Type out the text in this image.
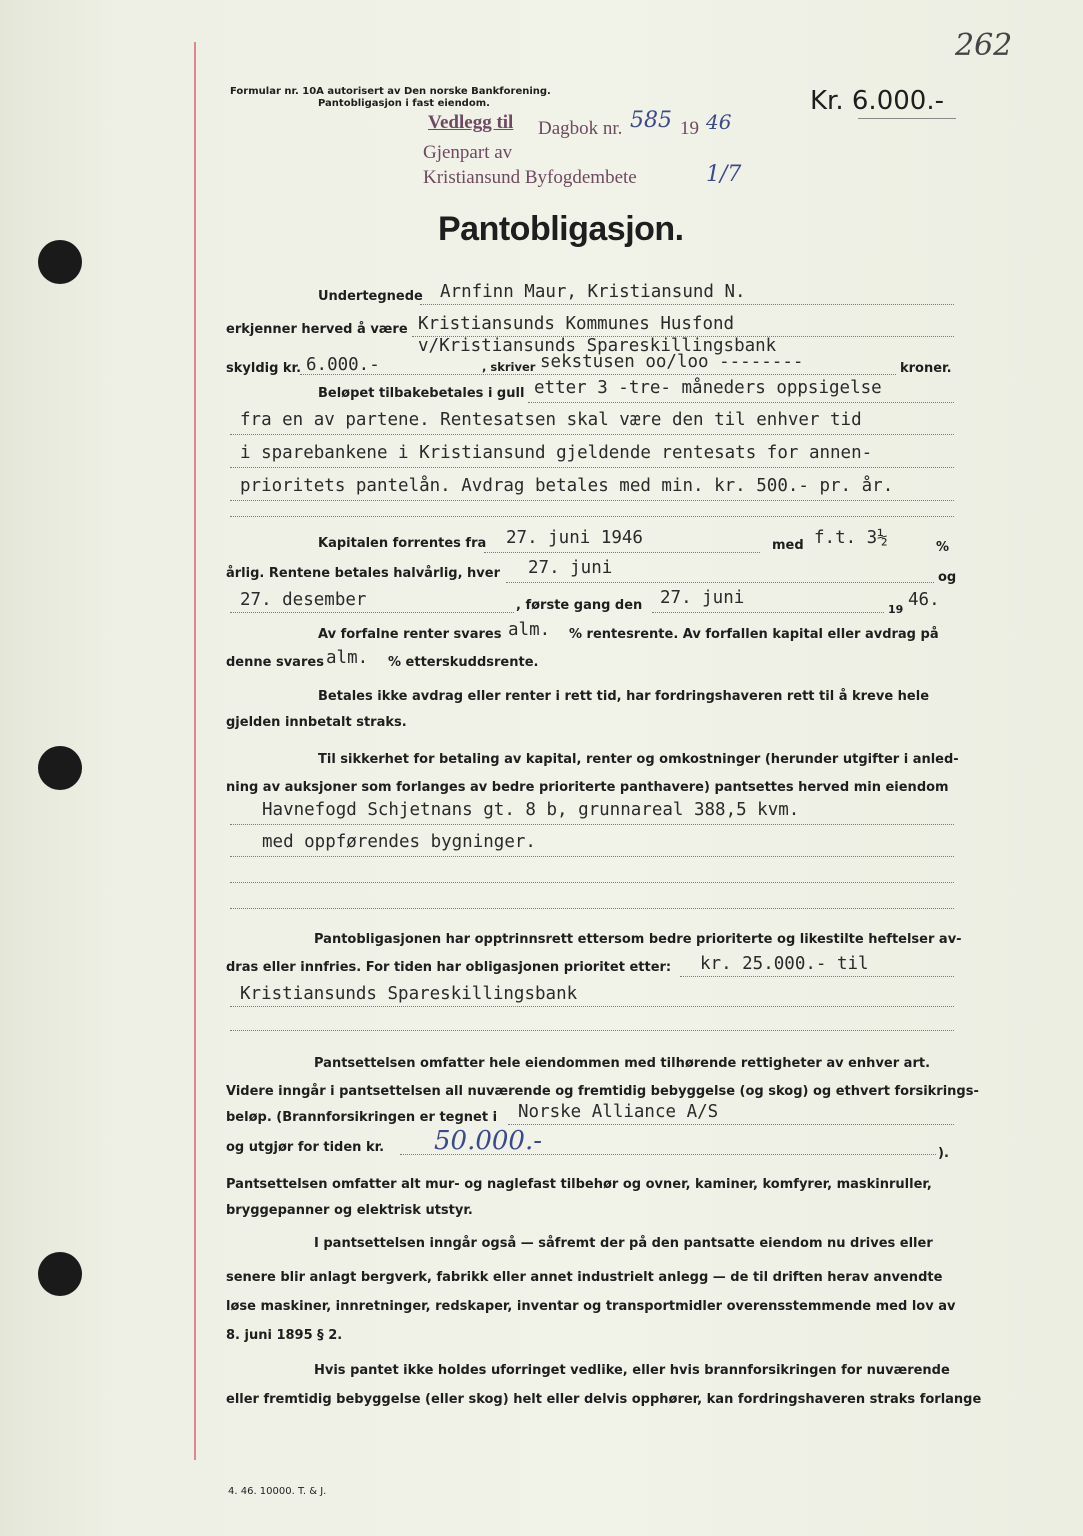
262
Formular nr. 10A autorisert av Den norske Bankforening.
Pantobligasjon i fast eiendom.	Kr. 6.000.-
Vedlegg til Dagbok nr. 585 19 46
Gjenpart av
Kristiansund Byfogdembete	1/7
Pantobligasjon.
Undertegnede Arnfinn Maur, Kristiansund N.
erkjenner herved å være Kristiansunds Kommunes Husfond
v/Kristiansunds Spareskillingsbank
skyldig kr. 6.000.-	, skriver sekstusen oo/loo --------	kroner.
Beløpet tilbakebetales i gull etter 3 -tre- måneders oppsigelse
fra en av partene. Rentesatsen skal være den til enhver tid
i sparebankene i Kristiansund gjeldende rentesats for annen-
prioritets pantelån. Avdrag betales med min. kr. 500.- pr. år.
Kapitalen forrentes fra 27. juni 1946	med f.t. 3½	%
årlig. Rentene betales halvårlig, hver 27. juni	og
27. desember	, første gang den 27. juni
19 46.
Av forfalne renter svares alm. % rentesrente. Av forfallen kapital eller avdrag på
denne svares alm. % etterskuddsrente.
Betales ikke avdrag eller renter i rett tid, har fordringshaveren rett til å kreve hele
gjelden innbetalt straks.
Til sikkerhet for betaling av kapital, renter og omkostninger (herunder utgifter i anled-
ning av auksjoner som forlanges av bedre prioriterte panthavere) pantsettes herved min eiendom
Havnefogd Schjetnans gt. 8 b, grunnareal 388,5 kvm.
med oppførendes bygninger.
Pantobligasjonen har opptrinnsrett ettersom bedre prioriterte og likestilte heftelser av-
dras eller innfries. For tiden har obligasjonen prioritet etter: kr. 25.000.- til
Kristiansunds Spareskillingsbank
Pantsettelsen omfatter hele eiendommen med tilhørende rettigheter av enhver art.
Videre inngår i pantsettelsen all nuværende og fremtidig bebyggelse (og skog) og ethvert forsikrings-
beløp. (Brannforsikringen er tegnet i Norske Alliance A/S
og utgjør for tiden kr. 50.000.-	).
Pantsettelsen omfatter alt mur- og naglefast tilbehør og ovner, kaminer, komfyrer, maskinruller,
bryggepanner og elektrisk utstyr.
I pantsettelsen inngår også — såfremt der på den pantsatte eiendom nu drives eller
senere blir anlagt bergverk, fabrikk eller annet industrielt anlegg — de til driften herav anvendte
løse maskiner, innretninger, redskaper, inventar og transportmidler overensstemmende med lov av
8. juni 1895 § 2.
Hvis pantet ikke holdes uforringet vedlike, eller hvis brannforsikringen for nuværende
eller fremtidig bebyggelse (eller skog) helt eller delvis opphører, kan fordringshaveren straks forlange
4. 46. 10000. T. & J.
